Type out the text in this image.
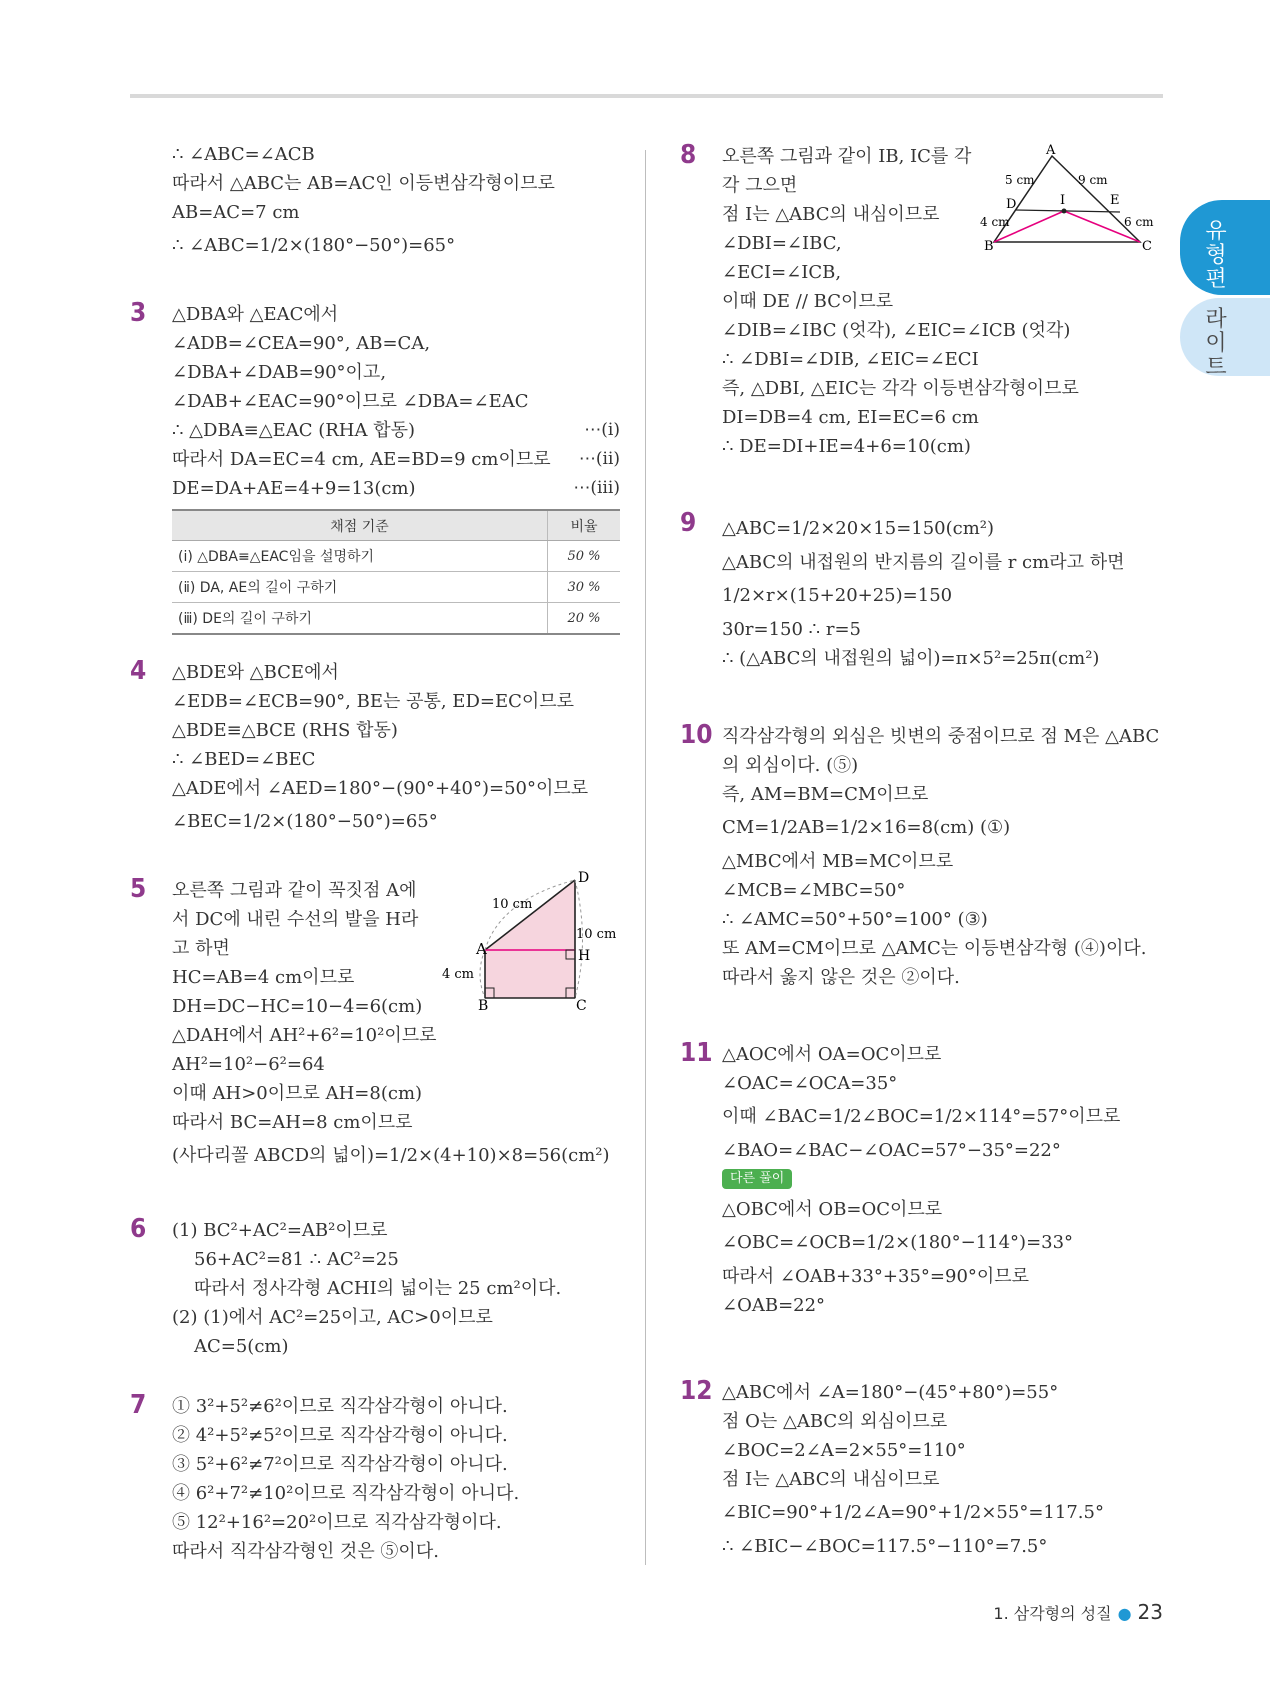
∴ ∠ABC=∠ACB
따라서 △ABC는 AB=AC인 이등변삼각형이므로
AB=AC=7 cm
∴ ∠ABC=1/2×(180°−50°)=65°
3 △DBA와 △EAC에서
∠ADB=∠CEA=90°, AB=CA,
∠DBA+∠DAB=90°이고,
∠DAB+∠EAC=90°이므로 ∠DBA=∠EAC
∴ △DBA≡△EAC (RHA 합동)	⋯(ⅰ)
따라서 DA=EC=4 cm, AE=BD=9 cm이므로 ⋯(ⅱ)
DE=DA+AE=4+9=13(cm)	⋯(ⅲ)
채점 기준	비율
(ⅰ) △DBA≡△EAC임을 설명하기	50 %
(ⅱ) DA, AE의 길이 구하기	30 %
(ⅲ) DE의 길이 구하기	20 %
4 △BDE와 △BCE에서
∠EDB=∠ECB=90°, BE는 공통, ED=EC이므로
△BDE≡△BCE (RHS 합동)
∴ ∠BED=∠BEC
△ADE에서 ∠AED=180°−(90°+40°)=50°이므로
∠BEC=1/2×(180°−50°)=65°
5 오른쪽 그림과 같이 꼭짓점 A에
서 DC에 내린 수선의 발을 H라
고 하면
HC=AB=4 cm이므로
DH=DC−HC=10−4=6(cm)
△DAH에서 AH²+6²=10²이므로
AH²=10²−6²=64
이때 AH>0이므로 AH=8(cm)
따라서 BC=AH=8 cm이므로
(사다리꼴 ABCD의 넓이)=1/2×(4+10)×8=56(cm²)
A
B	C
D
H
10 cm
10 cm
4 cm
6 (1) BC²+AC²=AB²이므로
56+AC²=81 ∴ AC²=25
따라서 정사각형 ACHI의 넓이는 25 cm²이다.
(2) (1)에서 AC²=25이고, AC>0이므로
AC=5(cm)
7 ① 3²+5²≠6²이므로 직각삼각형이 아니다.
② 4²+5²≠5²이므로 직각삼각형이 아니다.
③ 5²+6²≠7²이므로 직각삼각형이 아니다.
④ 6²+7²≠10²이므로 직각삼각형이 아니다.
⑤ 12²+16²=20²이므로 직각삼각형이다.
따라서 직각삼각형인 것은 ⑤이다.
8 오른쪽 그림과 같이 IB, IC를 각
각 그으면
점 I는 △ABC의 내심이므로
∠DBI=∠IBC,
∠ECI=∠ICB,
이때 DE // BC이므로
∠DIB=∠IBC (엇각), ∠EIC=∠ICB (엇각)
∴ ∠DBI=∠DIB, ∠EIC=∠ECI
즉, △DBI, △EIC는 각각 이등변삼각형이므로
DI=DB=4 cm, EI=EC=6 cm
∴ DE=DI+IE=4+6=10(cm)
A
B	C
D	E
I
5 cm	9 cm
4 cm	6 cm
9 △ABC=1/2×20×15=150(cm²)
△ABC의 내접원의 반지름의 길이를 r cm라고 하면
1/2×r×(15+20+25)=150
30r=150 ∴ r=5
∴ (△ABC의 내접원의 넓이)=π×5²=25π(cm²)
10 직각삼각형의 외심은 빗변의 중점이므로 점 M은 △ABC
의 외심이다. (⑤)
즉, AM=BM=CM이므로
CM=1/2AB=1/2×16=8(cm) (①)
△MBC에서 MB=MC이므로
∠MCB=∠MBC=50°
∴ ∠AMC=50°+50°=100° (③)
또 AM=CM이므로 △AMC는 이등변삼각형 (④)이다.
따라서 옳지 않은 것은 ②이다.
11 △AOC에서 OA=OC이므로
∠OAC=∠OCA=35°
이때 ∠BAC=1/2∠BOC=1/2×114°=57°이므로
∠BAO=∠BAC−∠OAC=57°−35°=22°
다른 풀이
△OBC에서 OB=OC이므로
∠OBC=∠OCB=1/2×(180°−114°)=33°
따라서 ∠OAB+33°+35°=90°이므로
∠OAB=22°
12 △ABC에서 ∠A=180°−(45°+80°)=55°
점 O는 △ABC의 외심이므로
∠BOC=2∠A=2×55°=110°
점 I는 △ABC의 내심이므로
∠BIC=90°+1/2∠A=90°+1/2×55°=117.5°
∴ ∠BIC−∠BOC=117.5°−110°=7.5°
유
형
편
라
이
트
1. 삼각형의 성질 ● 23
